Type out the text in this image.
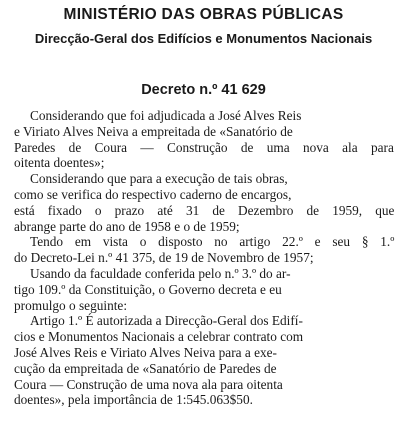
MINISTÉRIO DAS OBRAS PÚBLICAS
Direcção-Geral dos Edifícios e Monumentos Nacionais
Decreto n.º 41 629
Considerando que foi adjudicada a José Alves Reis
e Viriato Alves Neiva a empreitada de «Sanatório de
Paredes de Coura — Construção de uma nova ala para
oitenta doentes»;
Considerando que para a execução de tais obras,
como se verifica do respectivo caderno de encargos,
está fixado o prazo até 31 de Dezembro de 1959, que
abrange parte do ano de 1958 e o de 1959;
Tendo em vista o disposto no artigo 22.º e seu § 1.º
do Decreto-Lei n.º 41 375, de 19 de Novembro de 1957;
Usando da faculdade conferida pelo n.º 3.º do ar-
tigo 109.º da Constituição, o Governo decreta e eu
promulgo o seguinte:
Artigo 1.º É autorizada a Direcção-Geral dos Edifí-
cios e Monumentos Nacionais a celebrar contrato com
José Alves Reis e Viriato Alves Neiva para a exe-
cução da empreitada de «Sanatório de Paredes de
Coura — Construção de uma nova ala para oitenta
doentes», pela importância de 1:545.063$50.
